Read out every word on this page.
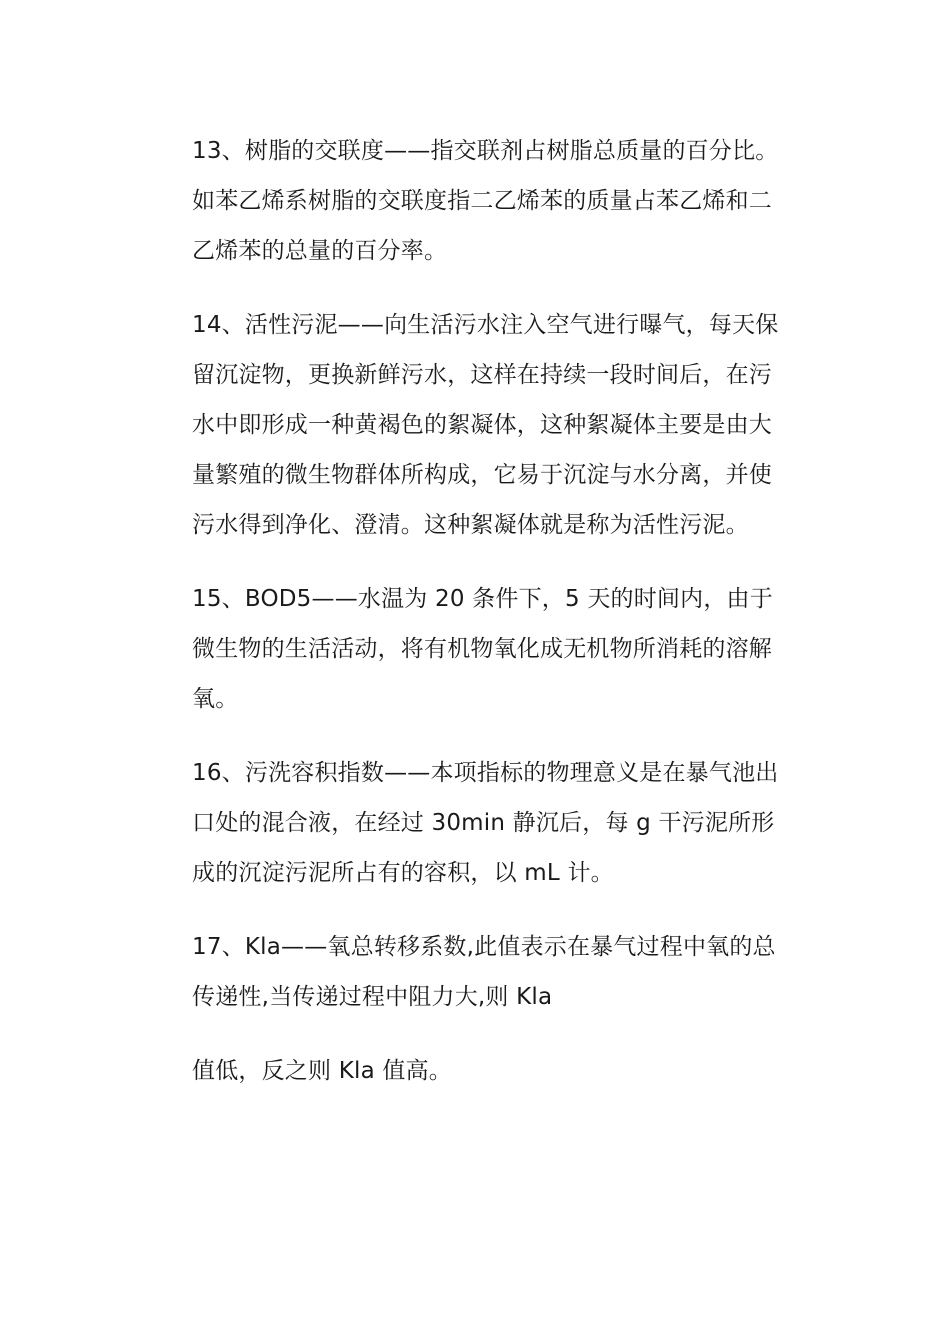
13、树脂的交联度——指交联剂占树脂总质量的百分比。
如苯乙烯系树脂的交联度指二乙烯苯的质量占苯乙烯和二
乙烯苯的总量的百分率。

14、活性污泥——向生活污水注入空气进行曝气，每天保
留沉淀物，更换新鲜污水，这样在持续一段时间后，在污
水中即形成一种黄褐色的絮凝体，这种絮凝体主要是由大
量繁殖的微生物群体所构成，它易于沉淀与水分离，并使
污水得到净化、澄清。这种絮凝体就是称为活性污泥。

15、BOD5——水温为 20 条件下，5 天的时间内，由于
微生物的生活活动，将有机物氧化成无机物所消耗的溶解
氧。

16、污洗容积指数——本项指标的物理意义是在暴气池出
口处的混合液，在经过 30min 静沉后，每 g 干污泥所形
成的沉淀污泥所占有的容积，以 mL 计。

17、Kla——氧总转移系数,此值表示在暴气过程中氧的总
传递性,当传递过程中阻力大,则 Kla

值低，反之则 Kla 值高。
